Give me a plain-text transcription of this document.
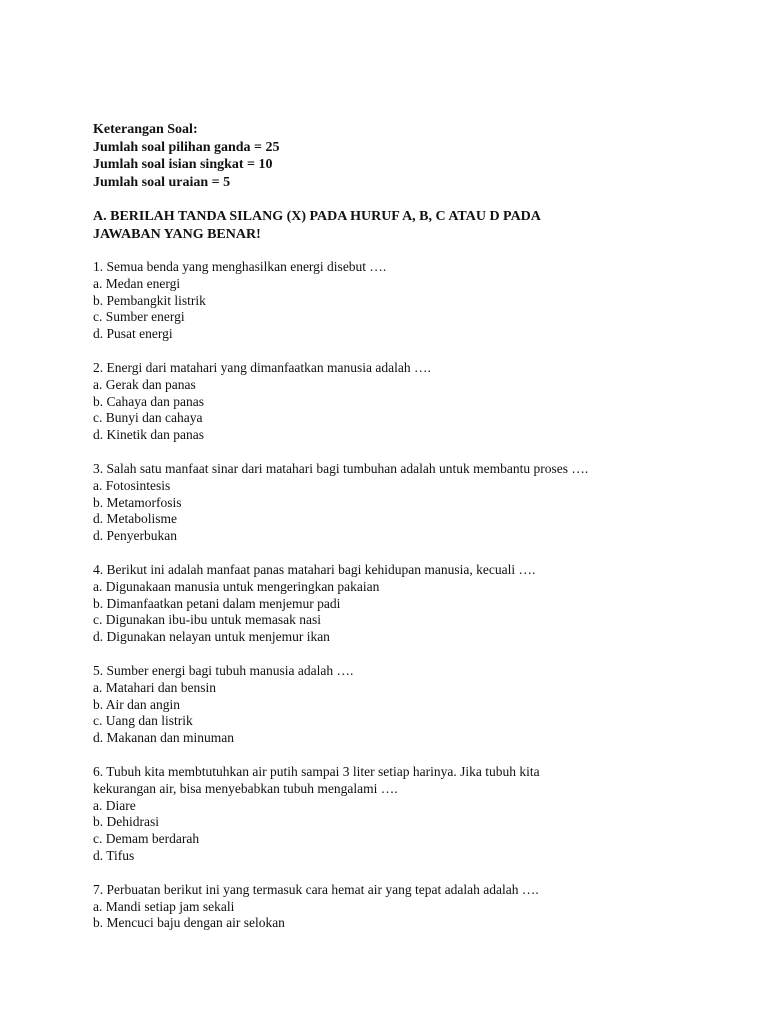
Keterangan Soal:
Jumlah soal pilihan ganda = 25
Jumlah soal isian singkat = 10
Jumlah soal uraian = 5
A. BERILAH TANDA SILANG (X) PADA HURUF A, B, C ATAU D PADA
JAWABAN YANG BENAR!
1. Semua benda yang menghasilkan energi disebut ….
a. Medan energi
b. Pembangkit listrik
c. Sumber energi
d. Pusat energi
2. Energi dari matahari yang dimanfaatkan manusia adalah ….
a. Gerak dan panas
b. Cahaya dan panas
c. Bunyi dan cahaya
d. Kinetik dan panas
3. Salah satu manfaat sinar dari matahari bagi tumbuhan adalah untuk membantu proses ….
a. Fotosintesis
b. Metamorfosis
d. Metabolisme
d. Penyerbukan
4. Berikut ini adalah manfaat panas matahari bagi kehidupan manusia, kecuali ….
a. Digunakaan manusia untuk mengeringkan pakaian
b. Dimanfaatkan petani dalam menjemur padi
c. Digunakan ibu-ibu untuk memasak nasi
d. Digunakan nelayan untuk menjemur ikan
5. Sumber energi bagi tubuh manusia adalah ….
a. Matahari dan bensin
b. Air dan angin
c. Uang dan listrik
d. Makanan dan minuman
6. Tubuh kita membtutuhkan air putih sampai 3 liter setiap harinya. Jika tubuh kita
kekurangan air, bisa menyebabkan tubuh mengalami ….
a. Diare
b. Dehidrasi
c. Demam berdarah
d. Tifus
7. Perbuatan berikut ini yang termasuk cara hemat air yang tepat adalah adalah ….
a. Mandi setiap jam sekali
b. Mencuci baju dengan air selokan
